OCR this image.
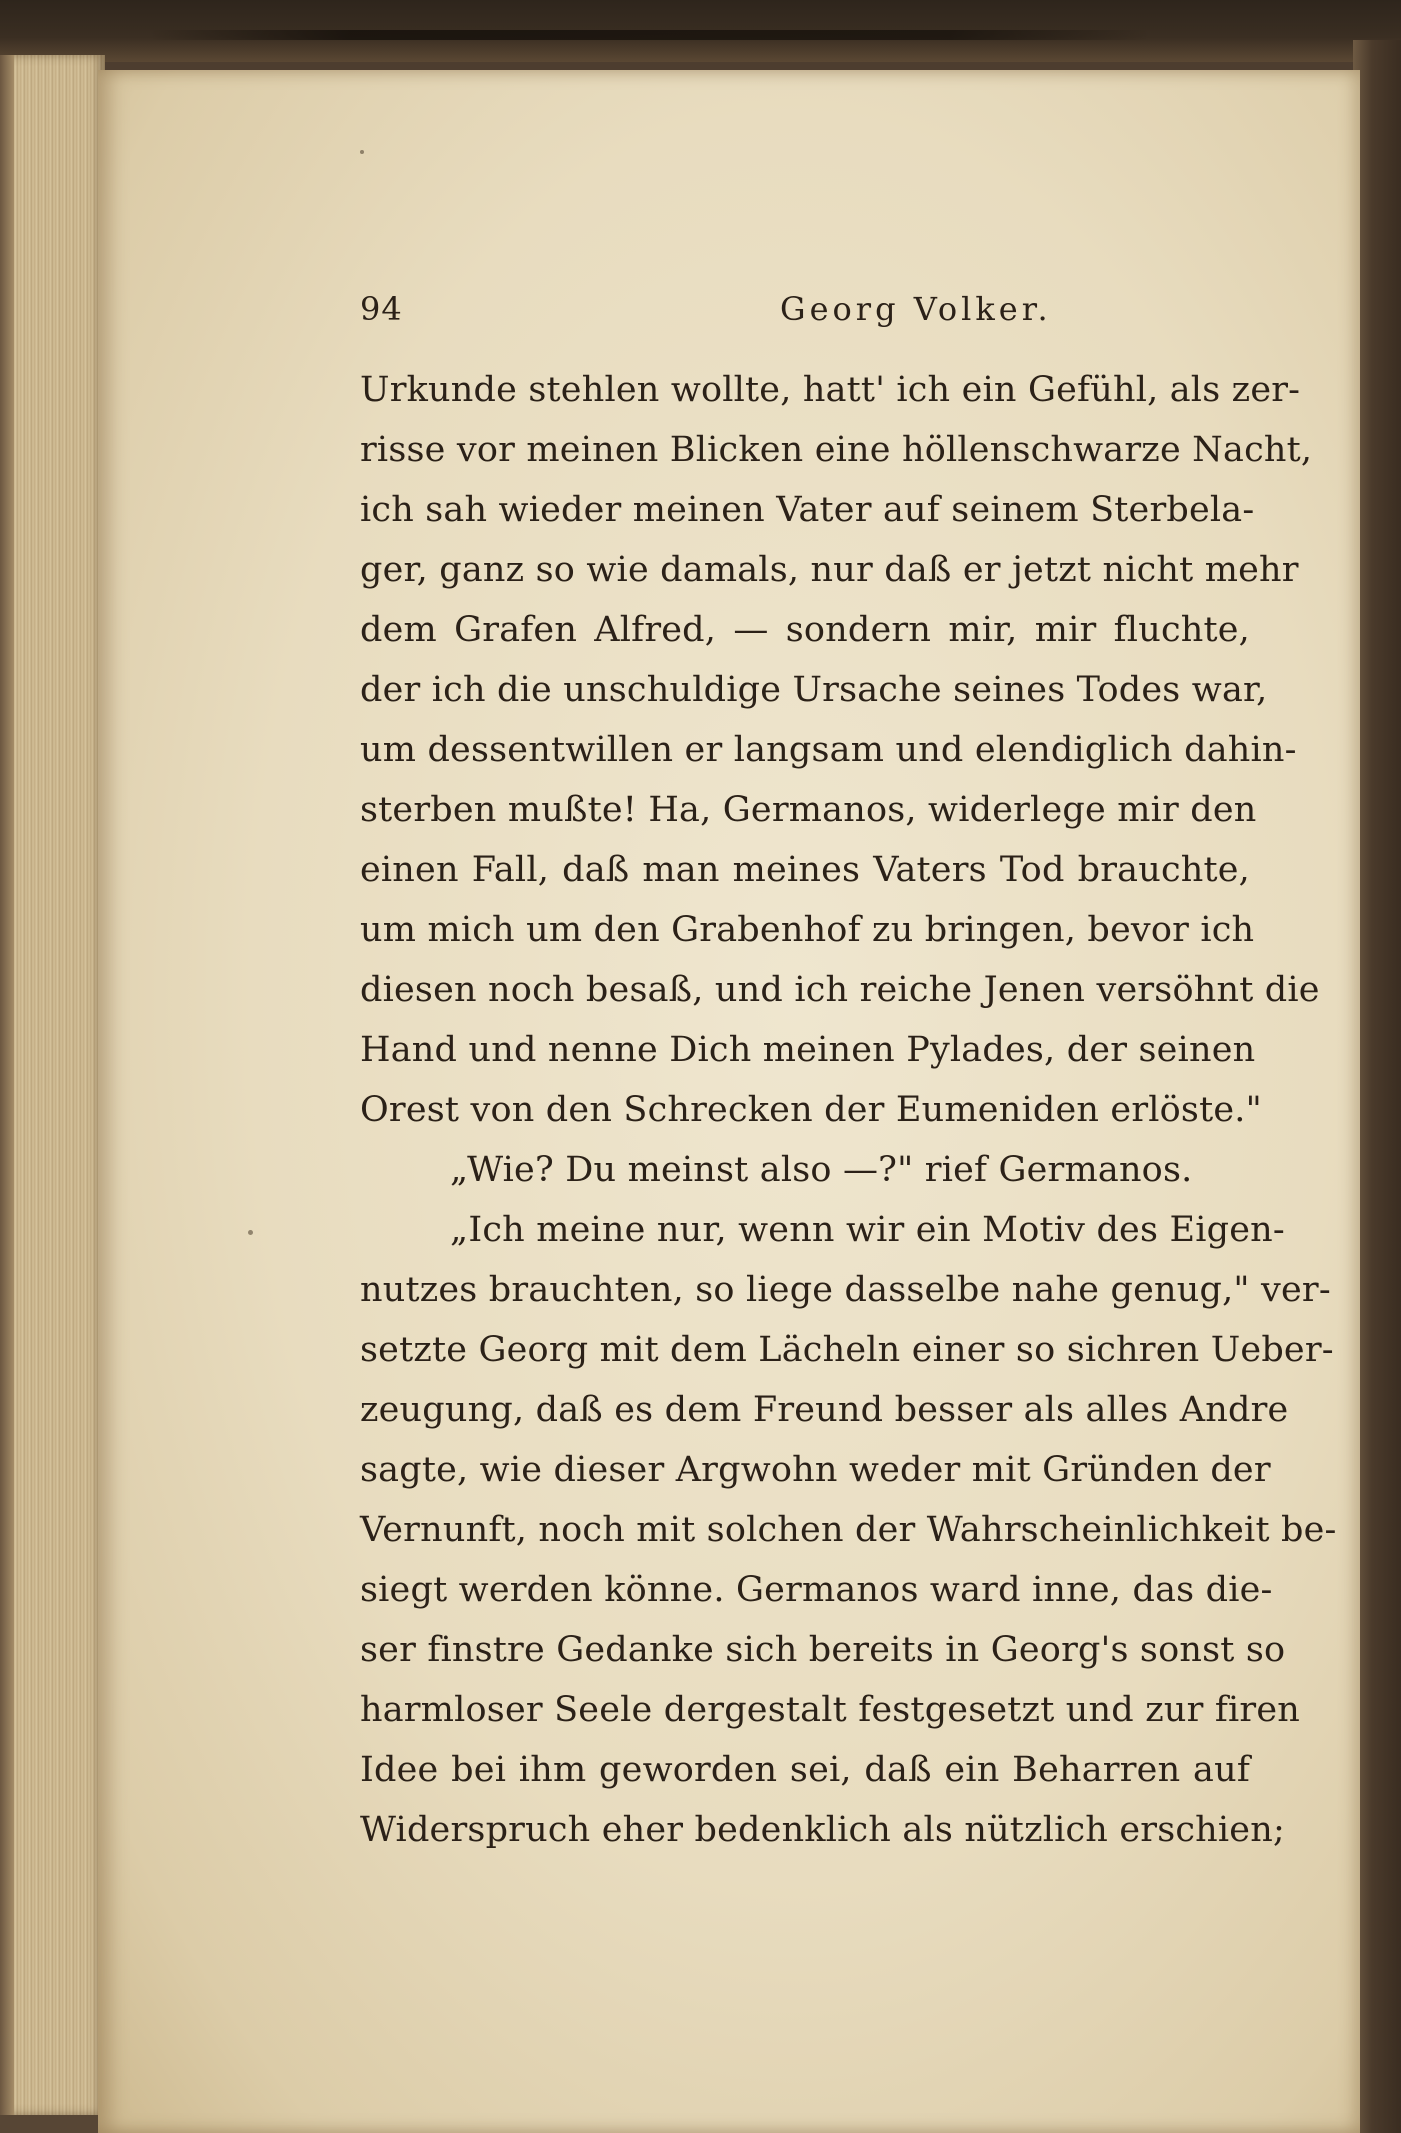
94	Georg Volker.
Urkunde stehlen wollte, hatt' ich ein Gefühl, als zer-
risse vor meinen Blicken eine höllenschwarze Nacht,
ich sah wieder meinen Vater auf seinem Sterbela-
ger, ganz so wie damals, nur daß er jetzt nicht mehr
dem Grafen Alfred, — sondern mir, mir fluchte,
der ich die unschuldige Ursache seines Todes war,
um dessentwillen er langsam und elendiglich dahin-
sterben mußte! Ha, Germanos, widerlege mir den
einen Fall, daß man meines Vaters Tod brauchte,
um mich um den Grabenhof zu bringen, bevor ich
diesen noch besaß, und ich reiche Jenen versöhnt die
Hand und nenne Dich meinen Pylades, der seinen
Orest von den Schrecken der Eumeniden erlöste."
„Wie? Du meinst also —?" rief Germanos.
„Ich meine nur, wenn wir ein Motiv des Eigen-
nutzes brauchten, so liege dasselbe nahe genug," ver-
setzte Georg mit dem Lächeln einer so sichren Ueber-
zeugung, daß es dem Freund besser als alles Andre
sagte, wie dieser Argwohn weder mit Gründen der
Vernunft, noch mit solchen der Wahrscheinlichkeit be-
siegt werden könne. Germanos ward inne, das die-
ser finstre Gedanke sich bereits in Georg's sonst so
harmloser Seele dergestalt festgesetzt und zur firen
Idee bei ihm geworden sei, daß ein Beharren auf
Widerspruch eher bedenklich als nützlich erschien;
